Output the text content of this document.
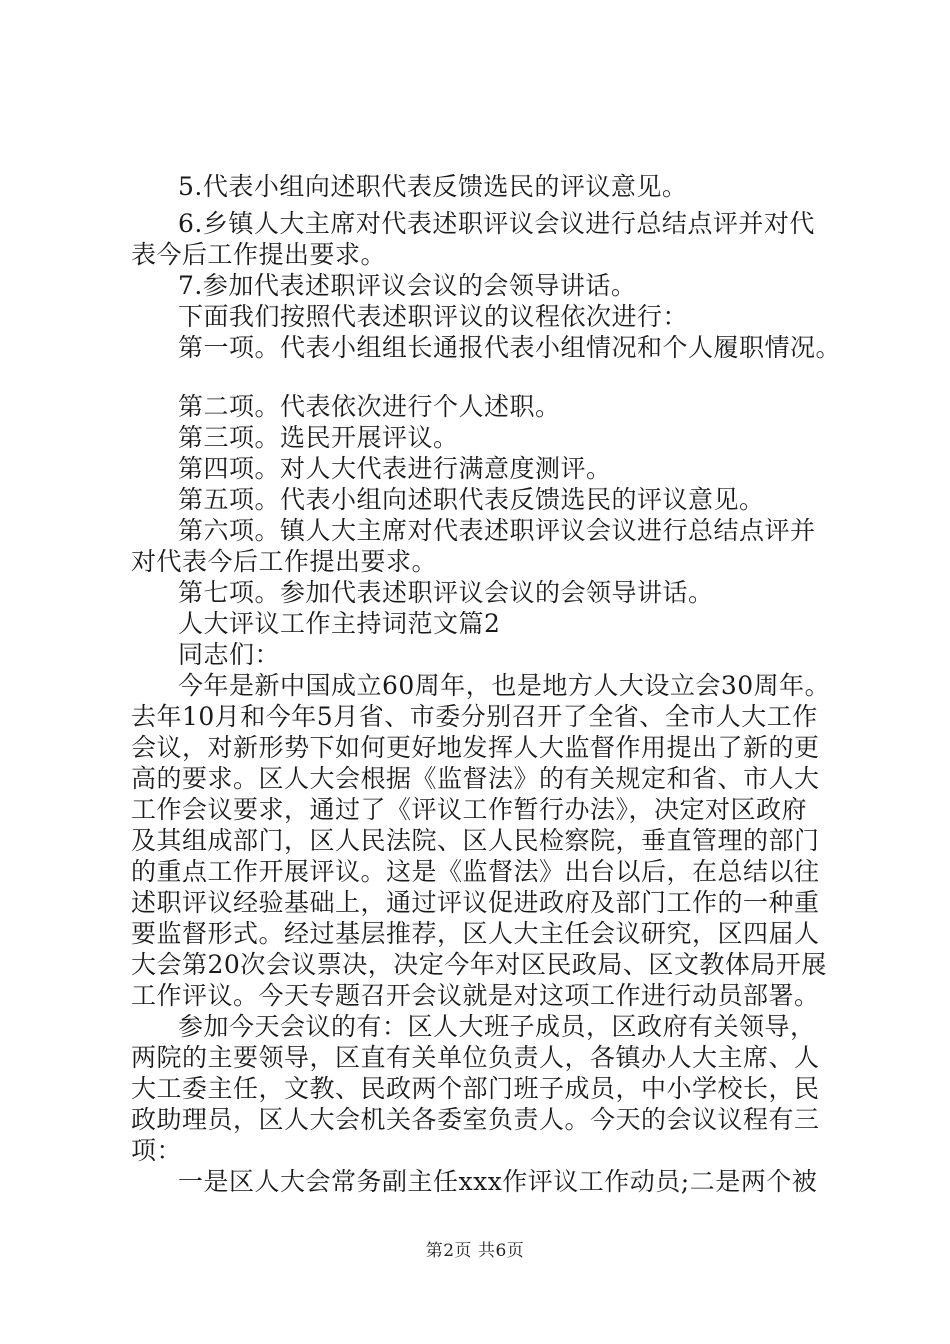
5.代表小组向述职代表反馈选民的评议意见。
6.乡镇人大主席对代表述职评议会议进行总结点评并对代
表今后工作提出要求。
7.参加代表述职评议会议的会领导讲话。
下面我们按照代表述职评议的议程依次进行：
第一项。代表小组组长通报代表小组情况和个人履职情况。
第二项。代表依次进行个人述职。
第三项。选民开展评议。
第四项。对人大代表进行满意度测评。
第五项。代表小组向述职代表反馈选民的评议意见。
第六项。镇人大主席对代表述职评议会议进行总结点评并
对代表今后工作提出要求。
第七项。参加代表述职评议会议的会领导讲话。
人大评议工作主持词范文篇2
同志们：
今年是新中国成立60周年，也是地方人大设立会30周年。
去年10月和今年5月省、市委分别召开了全省、全市人大工作
会议，对新形势下如何更好地发挥人大监督作用提出了新的更
高的要求。区人大会根据《监督法》的有关规定和省、市人大
工作会议要求，通过了《评议工作暂行办法》，决定对区政府
及其组成部门，区人民法院、区人民检察院，垂直管理的部门
的重点工作开展评议。这是《监督法》出台以后，在总结以往
述职评议经验基础上，通过评议促进政府及部门工作的一种重
要监督形式。经过基层推荐，区人大主任会议研究，区四届人
大会第20次会议票决，决定今年对区民政局、区文教体局开展
工作评议。今天专题召开会议就是对这项工作进行动员部署。
参加今天会议的有：区人大班子成员，区政府有关领导，
两院的主要领导，区直有关单位负责人，各镇办人大主席、人
大工委主任，文教、民政两个部门班子成员，中小学校长，民
政助理员，区人大会机关各委室负责人。今天的会议议程有三
项：
一是区人大会常务副主任xxx作评议工作动员;二是两个被
第2页 共6页
